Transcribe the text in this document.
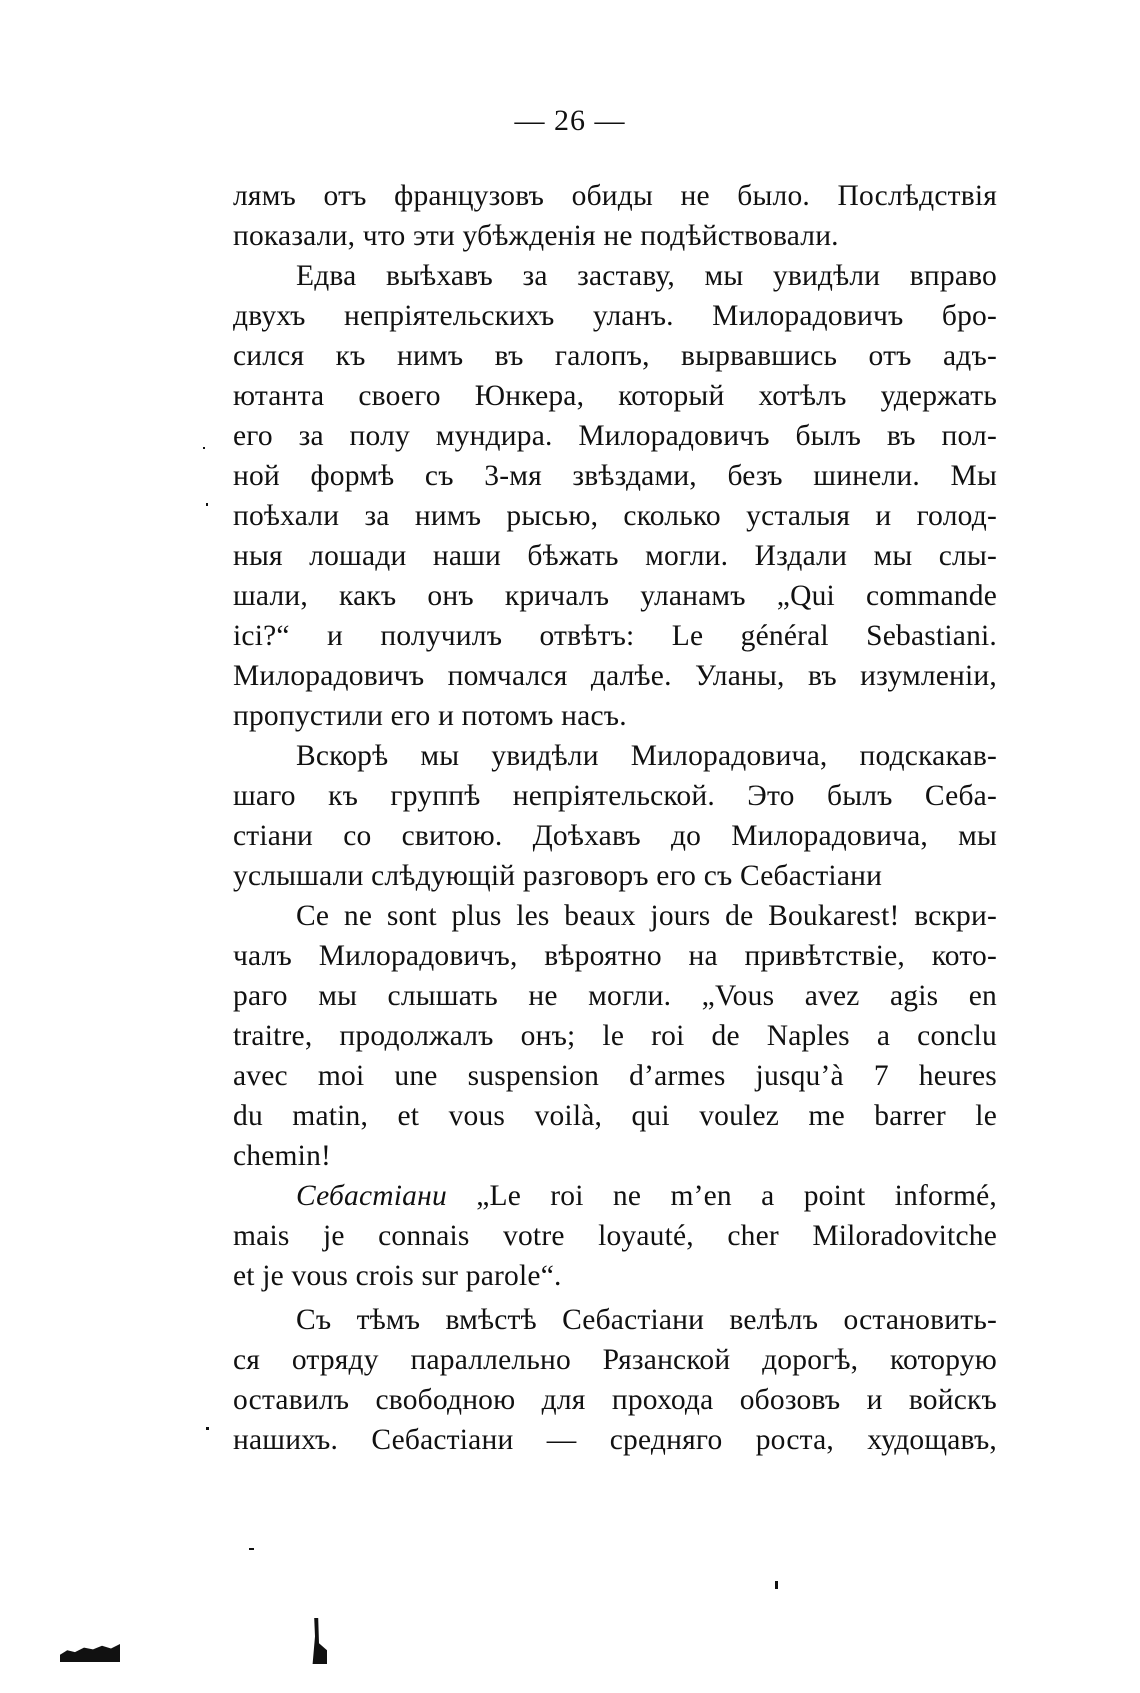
— 26 —
лямъ отъ французовъ обиды не было. Послѣдствія
показали, что эти убѣжденія не подѣйствовали.
Едва выѣхавъ за заставу, мы увидѣли вправо
двухъ непріятельскихъ уланъ. Милорадовичъ бро-
сился къ нимъ въ галопъ, вырвавшись отъ адъ-
ютанта своего Юнкера, который хотѣлъ удержать
его за полу мундира. Милорадовичъ былъ въ пол-
ной формѣ съ 3-мя звѣздами, безъ шинели. Мы
поѣхали за нимъ рысью, сколько усталыя и голод-
ныя лошади наши бѣжать могли. Издали мы слы-
шали, какъ онъ кричалъ уланамъ „Qui commande
ici?“ и получилъ отвѣтъ: Le général Sebastiani.
Милорадовичъ помчался далѣе. Уланы, въ изумленіи,
пропустили его и потомъ насъ.
Вскорѣ мы увидѣли Милорадовича, подскакав-
шаго къ группѣ непріятельской. Это былъ Себа-
стіани со свитою. Доѣхавъ до Милорадовича, мы
услышали слѣдующій разговоръ его съ Себастіани
Ce ne sont plus les beaux jours de Boukarest! вскри-
чалъ Милорадовичъ, вѣроятно на привѣтствіе, кото-
раго мы слышать не могли. „Vous avez agis en
traitre, продолжалъ онъ; le roi de Naples a conclu
avec moi une suspension d’armes jusqu’à 7 heures
du matin, et vous voilà, qui voulez me barrer le
chemin!
Себастіани „Le roi ne m’en a point informé,
mais je connais votre loyauté, cher Miloradovitche
et je vous crois sur parole“.
Съ тѣмъ вмѣстѣ Себастіани велѣлъ остановить-
ся отряду параллельно Рязанской дорогѣ, которую
оставилъ свободною для прохода обозовъ и войскъ
нашихъ. Себастіани — средняго роста, худощавъ,
